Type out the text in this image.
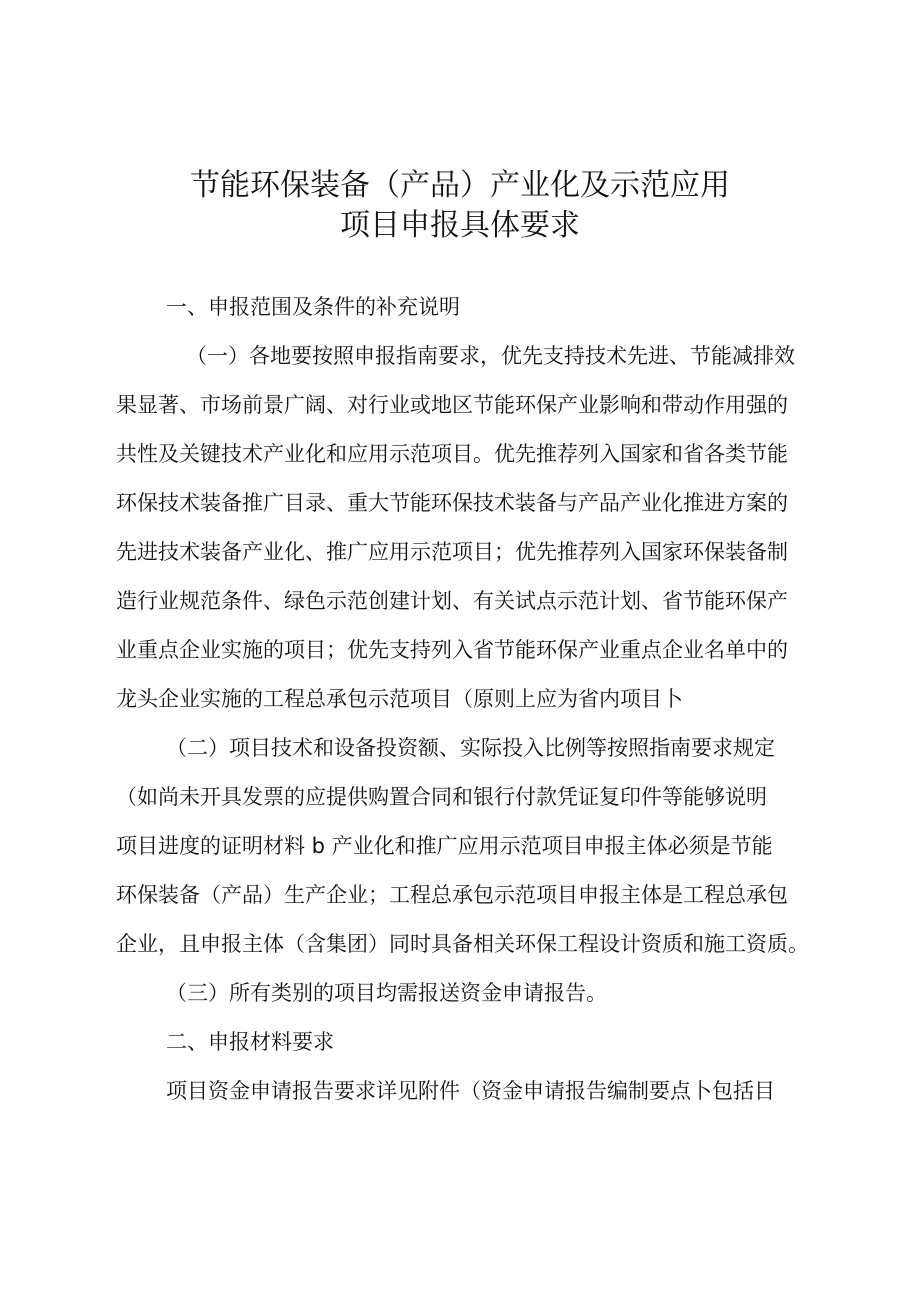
节能环保装备（产品）产业化及示范应用
项目申报具体要求
一、申报范围及条件的补充说明
（一）各地要按照申报指南要求，优先支持技术先进、节能减排效
果显著、市场前景广阔、对行业或地区节能环保产业影响和带动作用强的
共性及关键技术产业化和应用示范项目。优先推荐列入国家和省各类节能
环保技术装备推广目录、重大节能环保技术装备与产品产业化推进方案的
先进技术装备产业化、推广应用示范项目；优先推荐列入国家环保装备制
造行业规范条件、绿色示范创建计划、有关试点示范计划、省节能环保产
业重点企业实施的项目；优先支持列入省节能环保产业重点企业名单中的
龙头企业实施的工程总承包示范项目（原则上应为省内项目卜
（二）项目技术和设备投资额、实际投入比例等按照指南要求规定
（如尚未开具发票的应提供购置合同和银行付款凭证复印件等能够说明
项目进度的证明材料 b 产业化和推广应用示范项目申报主体必须是节能
环保装备（产品）生产企业；工程总承包示范项目申报主体是工程总承包
企业，且申报主体（含集团）同时具备相关环保工程设计资质和施工资质。
（三）所有类别的项目均需报送资金申请报告。
二、申报材料要求
项目资金申请报告要求详见附件（资金申请报告编制要点卜包括目
